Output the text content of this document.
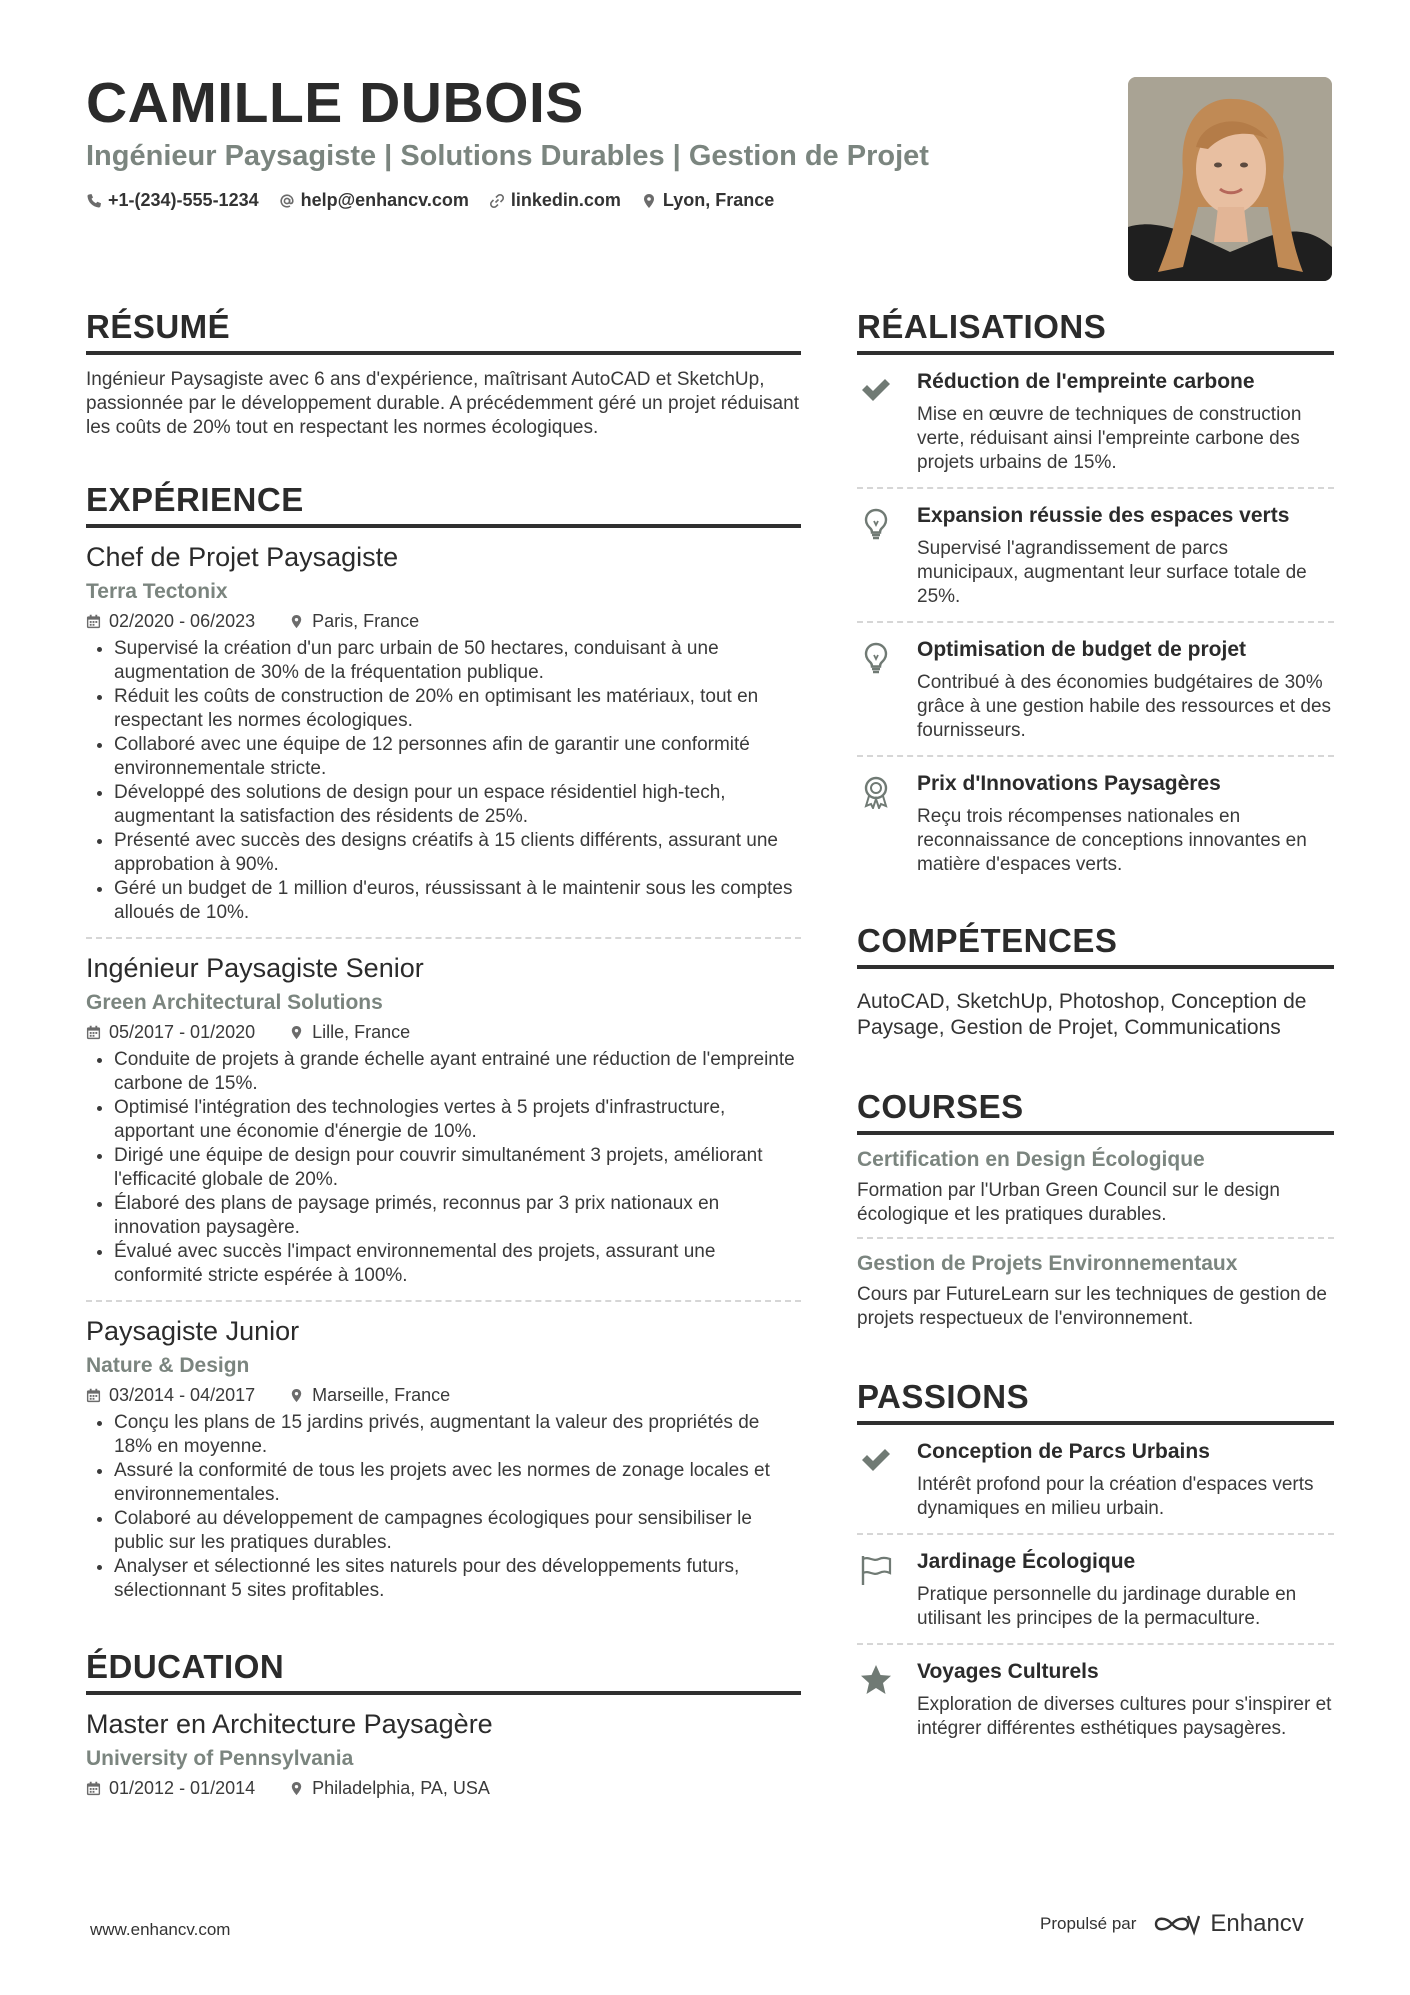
CAMILLE DUBOIS
Ingénieur Paysagiste | Solutions Durables | Gestion de Projet
+1-(234)-555-1234 help@enhancv.com linkedin.com Lyon, France
RÉSUMÉ
Ingénieur Paysagiste avec 6 ans d'expérience, maîtrisant AutoCAD et SketchUp, passionnée par le développement durable. A précédemment géré un projet réduisant les coûts de 20% tout en respectant les normes écologiques.
EXPÉRIENCE
Chef de Projet Paysagiste
Terra Tectonix
02/2020 - 06/2023	Paris, France
• Supervisé la création d'un parc urbain de 50 hectares, conduisant à une augmentation de 30% de la fréquentation publique.
• Réduit les coûts de construction de 20% en optimisant les matériaux, tout en respectant les normes écologiques.
• Collaboré avec une équipe de 12 personnes afin de garantir une conformité environnementale stricte.
• Développé des solutions de design pour un espace résidentiel high-tech, augmentant la satisfaction des résidents de 25%.
• Présenté avec succès des designs créatifs à 15 clients différents, assurant une approbation à 90%.
• Géré un budget de 1 million d'euros, réussissant à le maintenir sous les comptes alloués de 10%.
Ingénieur Paysagiste Senior
Green Architectural Solutions
05/2017 - 01/2020	Lille, France
• Conduite de projets à grande échelle ayant entrainé une réduction de l'empreinte carbone de 15%.
• Optimisé l'intégration des technologies vertes à 5 projets d'infrastructure, apportant une économie d'énergie de 10%.
• Dirigé une équipe de design pour couvrir simultanément 3 projets, améliorant l'efficacité globale de 20%.
• Élaboré des plans de paysage primés, reconnus par 3 prix nationaux en innovation paysagère.
• Évalué avec succès l'impact environnemental des projets, assurant une conformité stricte espérée à 100%.
Paysagiste Junior
Nature & Design
03/2014 - 04/2017	Marseille, France
• Conçu les plans de 15 jardins privés, augmentant la valeur des propriétés de 18% en moyenne.
• Assuré la conformité de tous les projets avec les normes de zonage locales et environnementales.
• Colaboré au développement de campagnes écologiques pour sensibiliser le public sur les pratiques durables.
• Analyser et sélectionné les sites naturels pour des développements futurs, sélectionnant 5 sites profitables.
ÉDUCATION
Master en Architecture Paysagère
University of Pennsylvania
01/2012 - 01/2014	Philadelphia, PA, USA
RÉALISATIONS
Réduction de l'empreinte carbone
Mise en œuvre de techniques de construction verte, réduisant ainsi l'empreinte carbone des projets urbains de 15%.
Expansion réussie des espaces verts
Supervisé l'agrandissement de parcs municipaux, augmentant leur surface totale de 25%.
Optimisation de budget de projet
Contribué à des économies budgétaires de 30% grâce à une gestion habile des ressources et des fournisseurs.
Prix d'Innovations Paysagères
Reçu trois récompenses nationales en reconnaissance de conceptions innovantes en matière d'espaces verts.
COMPÉTENCES
AutoCAD, SketchUp, Photoshop, Conception de Paysage, Gestion de Projet, Communications
COURSES
Certification en Design Écologique
Formation par l'Urban Green Council sur le design écologique et les pratiques durables.
Gestion de Projets Environnementaux
Cours par FutureLearn sur les techniques de gestion de projets respectueux de l'environnement.
PASSIONS
Conception de Parcs Urbains
Intérêt profond pour la création d'espaces verts dynamiques en milieu urbain.
Jardinage Écologique
Pratique personnelle du jardinage durable en utilisant les principes de la permaculture.
Voyages Culturels
Exploration de diverses cultures pour s'inspirer et intégrer différentes esthétiques paysagères.
www.enhancv.com	Propulsé par	Enhancv
